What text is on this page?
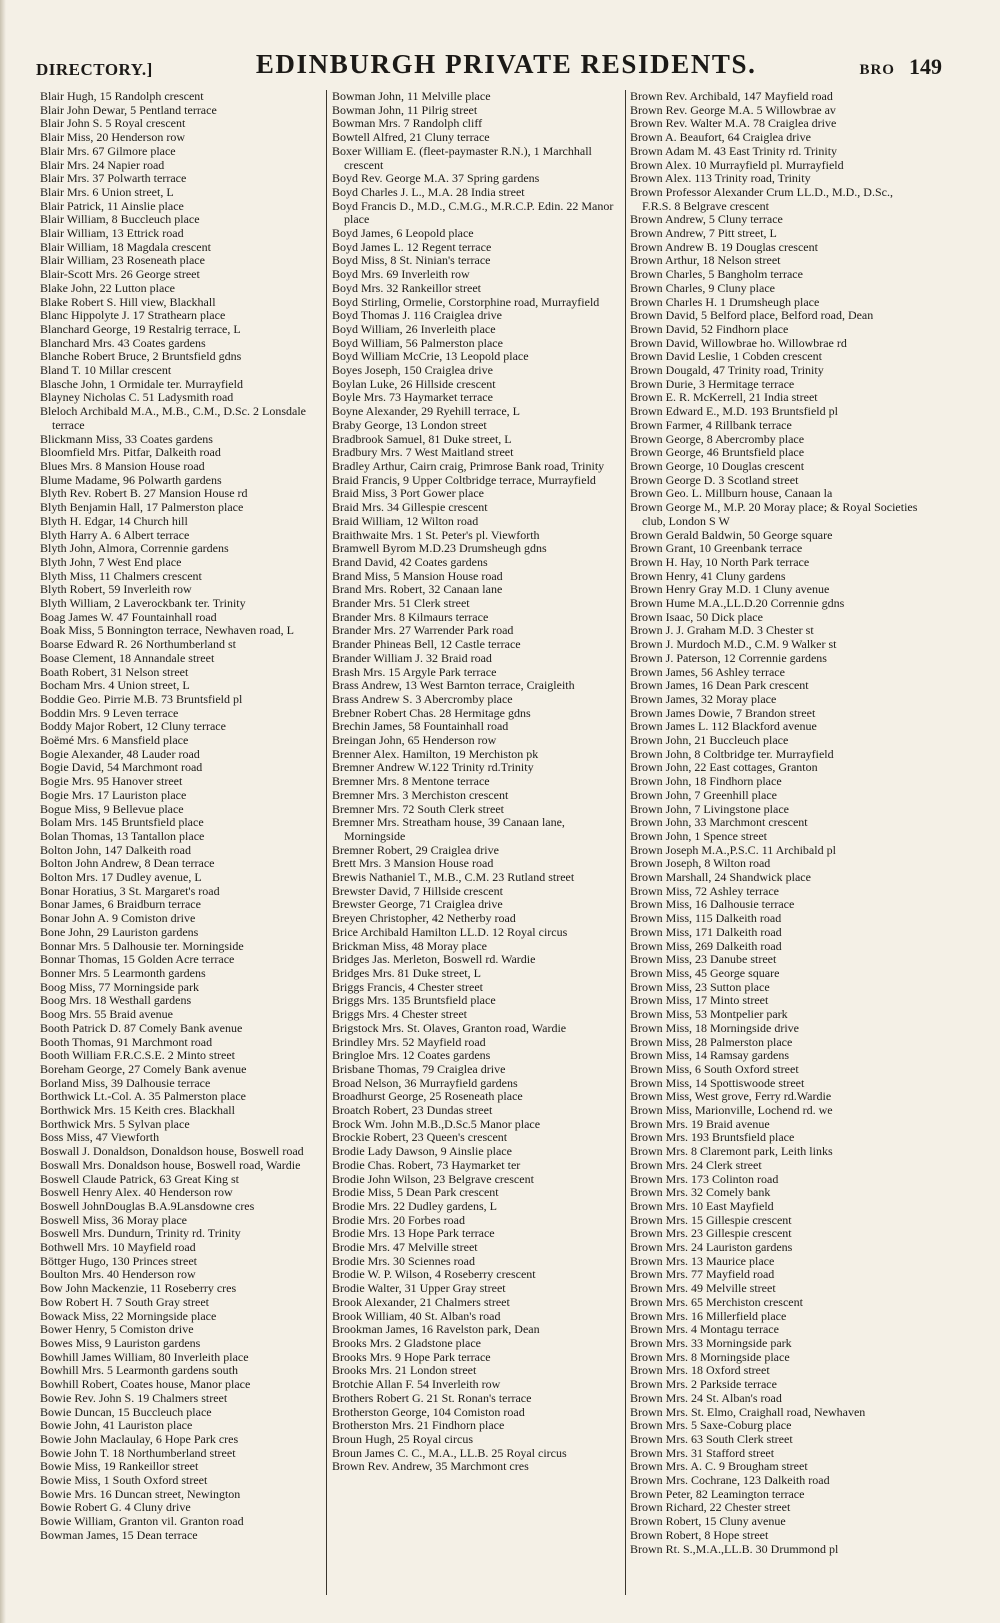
DIRECTORY.]	EDINBURGH PRIVATE RESIDENTS.	BRO 149
Blair Hugh, 15 Randolph crescent
Blair John Dewar, 5 Pentland terrace
Blair John S. 5 Royal crescent
Blair Miss, 20 Henderson row
Blair Mrs. 67 Gilmore place
Blair Mrs. 24 Napier road
Blair Mrs. 37 Polwarth terrace
Blair Mrs. 6 Union street, L
Blair Patrick, 11 Ainslie place
Blair William, 8 Buccleuch place
Blair William, 13 Ettrick road
Blair William, 18 Magdala crescent
Blair William, 23 Roseneath place
Blair-Scott Mrs. 26 George street
Blake John, 22 Lutton place
Blake Robert S. Hill view, Blackhall
Blanc Hippolyte J. 17 Strathearn place
Blanchard George, 19 Restalrig terrace, L
Blanchard Mrs. 43 Coates gardens
Blanche Robert Bruce, 2 Bruntsfield gdns
Bland T. 10 Millar crescent
Blasche John, 1 Ormidale ter. Murrayfield
Blayney Nicholas C. 51 Ladysmith road
Bleloch Archibald M.A., M.B., C.M., D.Sc. 2 Lonsdale terrace
Blickmann Miss, 33 Coates gardens
Bloomfield Mrs. Pitfar, Dalkeith road
Blues Mrs. 8 Mansion House road
Blume Madame, 96 Polwarth gardens
Blyth Rev. Robert B. 27 Mansion House rd
Blyth Benjamin Hall, 17 Palmerston place
Blyth H. Edgar, 14 Church hill
Blyth Harry A. 6 Albert terrace
Blyth John, Almora, Corrennie gardens
Blyth John, 7 West End place
Blyth Miss, 11 Chalmers crescent
Blyth Robert, 59 Inverleith row
Blyth William, 2 Laverockbank ter. Trinity
Boag James W. 47 Fountainhall road
Boak Miss, 5 Bonnington terrace, Newhaven road, L
Boarse Edward R. 26 Northumberland st
Boase Clement, 18 Annandale street
Boath Robert, 31 Nelson street
Bocham Mrs. 4 Union street, L
Boddie Geo. Pirrie M.B. 73 Bruntsfield pl
Boddin Mrs. 9 Leven terrace
Boddy Major Robert, 12 Cluny terrace
Boëmé Mrs. 6 Mansfield place
Bogie Alexander, 48 Lauder road
Bogie David, 54 Marchmont road
Bogie Mrs. 95 Hanover street
Bogie Mrs. 17 Lauriston place
Bogue Miss, 9 Bellevue place
Bolam Mrs. 145 Bruntsfield place
Bolan Thomas, 13 Tantallon place
Bolton John, 147 Dalkeith road
Bolton John Andrew, 8 Dean terrace
Bolton Mrs. 17 Dudley avenue, L
Bonar Horatius, 3 St. Margaret's road
Bonar James, 6 Braidburn terrace
Bonar John A. 9 Comiston drive
Bone John, 29 Lauriston gardens
Bonnar Mrs. 5 Dalhousie ter. Morningside
Bonnar Thomas, 15 Golden Acre terrace
Bonner Mrs. 5 Learmonth gardens
Boog Miss, 77 Morningside park
Boog Mrs. 18 Westhall gardens
Boog Mrs. 55 Braid avenue
Booth Patrick D. 87 Comely Bank avenue
Booth Thomas, 91 Marchmont road
Booth William F.R.C.S.E. 2 Minto street
Boreham George, 27 Comely Bank avenue
Borland Miss, 39 Dalhousie terrace
Borthwick Lt.-Col. A. 35 Palmerston place
Borthwick Mrs. 15 Keith cres. Blackhall
Borthwick Mrs. 5 Sylvan place
Boss Miss, 47 Viewforth
Boswall J. Donaldson, Donaldson house, Boswell road
Boswall Mrs. Donaldson house, Boswell road, Wardie
Boswell Claude Patrick, 63 Great King st
Boswell Henry Alex. 40 Henderson row
Boswell JohnDouglas B.A.9Lansdowne cres
Boswell Miss, 36 Moray place
Boswell Mrs. Dundurn, Trinity rd. Trinity
Bothwell Mrs. 10 Mayfield road
Böttger Hugo, 130 Princes street
Boulton Mrs. 40 Henderson row
Bow John Mackenzie, 11 Roseberry cres
Bow Robert H. 7 South Gray street
Bowack Miss, 22 Morningside place
Bower Henry, 5 Comiston drive
Bowes Miss, 9 Lauriston gardens
Bowhill James William, 80 Inverleith place
Bowhill Mrs. 5 Learmonth gardens south
Bowhill Robert, Coates house, Manor place
Bowie Rev. John S. 19 Chalmers street
Bowie Duncan, 15 Buccleuch place
Bowie John, 41 Lauriston place
Bowie John Maclaulay, 6 Hope Park cres
Bowie John T. 18 Northumberland street
Bowie Miss, 19 Rankeillor street
Bowie Miss, 1 South Oxford street
Bowie Mrs. 16 Duncan street, Newington
Bowie Robert G. 4 Cluny drive
Bowie William, Granton vil. Granton road
Bowman James, 15 Dean terrace
Bowman John, 11 Melville place
Bowman John, 11 Pilrig street
Bowman Mrs. 7 Randolph cliff
Bowtell Alfred, 21 Cluny terrace
Boxer William E. (fleet-paymaster R.N.), 1 Marchhall crescent
Boyd Rev. George M.A. 37 Spring gardens
Boyd Charles J. L., M.A. 28 India street
Boyd Francis D., M.D., C.M.G., M.R.C.P. Edin. 22 Manor place
Boyd James, 6 Leopold place
Boyd James L. 12 Regent terrace
Boyd Miss, 8 St. Ninian's terrace
Boyd Mrs. 69 Inverleith row
Boyd Mrs. 32 Rankeillor street
Boyd Stirling, Ormelie, Corstorphine road, Murrayfield
Boyd Thomas J. 116 Craiglea drive
Boyd William, 26 Inverleith place
Boyd William, 56 Palmerston place
Boyd William McCrie, 13 Leopold place
Boyes Joseph, 150 Craiglea drive
Boylan Luke, 26 Hillside crescent
Boyle Mrs. 73 Haymarket terrace
Boyne Alexander, 29 Ryehill terrace, L
Braby George, 13 London street
Bradbrook Samuel, 81 Duke street, L
Bradbury Mrs. 7 West Maitland street
Bradley Arthur, Cairn craig, Primrose Bank road, Trinity
Braid Francis, 9 Upper Coltbridge terrace, Murrayfield
Braid Miss, 3 Port Gower place
Braid Mrs. 34 Gillespie crescent
Braid William, 12 Wilton road
Braithwaite Mrs. 1 St. Peter's pl. Viewforth
Bramwell Byrom M.D.23 Drumsheugh gdns
Brand David, 42 Coates gardens
Brand Miss, 5 Mansion House road
Brand Mrs. Robert, 32 Canaan lane
Brander Mrs. 51 Clerk street
Brander Mrs. 8 Kilmaurs terrace
Brander Mrs. 27 Warrender Park road
Brander Phineas Bell, 12 Castle terrace
Brander William J. 32 Braid road
Brash Mrs. 15 Argyle Park terrace
Brass Andrew, 13 West Barnton terrace, Craigleith
Brass Andrew S. 3 Abercromby place
Brebner Robert Chas. 28 Hermitage gdns
Brechin James, 58 Fountainhall road
Breingan John, 65 Henderson row
Brenner Alex. Hamilton, 19 Merchiston pk
Bremner Andrew W.122 Trinity rd.Trinity
Bremner Mrs. 8 Mentone terrace
Bremner Mrs. 3 Merchiston crescent
Bremner Mrs. 72 South Clerk street
Bremner Mrs. Streatham house, 39 Canaan lane, Morningside
Bremner Robert, 29 Craiglea drive
Brett Mrs. 3 Mansion House road
Brewis Nathaniel T., M.B., C.M. 23 Rutland street
Brewster David, 7 Hillside crescent
Brewster George, 71 Craiglea drive
Breyen Christopher, 42 Netherby road
Brice Archibald Hamilton LL.D. 12 Royal circus
Brickman Miss, 48 Moray place
Bridges Jas. Merleton, Boswell rd. Wardie
Bridges Mrs. 81 Duke street, L
Briggs Francis, 4 Chester street
Briggs Mrs. 135 Bruntsfield place
Briggs Mrs. 4 Chester street
Brigstock Mrs. St. Olaves, Granton road, Wardie
Brindley Mrs. 52 Mayfield road
Bringloe Mrs. 12 Coates gardens
Brisbane Thomas, 79 Craiglea drive
Broad Nelson, 36 Murrayfield gardens
Broadhurst George, 25 Roseneath place
Broatch Robert, 23 Dundas street
Brock Wm. John M.B.,D.Sc.5 Manor place
Brockie Robert, 23 Queen's crescent
Brodie Lady Dawson, 9 Ainslie place
Brodie Chas. Robert, 73 Haymarket ter
Brodie John Wilson, 23 Belgrave crescent
Brodie Miss, 5 Dean Park crescent
Brodie Mrs. 22 Dudley gardens, L
Brodie Mrs. 20 Forbes road
Brodie Mrs. 13 Hope Park terrace
Brodie Mrs. 47 Melville street
Brodie Mrs. 30 Sciennes road
Brodie W. P. Wilson, 4 Roseberry crescent
Brodie Walter, 31 Upper Gray street
Brook Alexander, 21 Chalmers street
Brook William, 40 St. Alban's road
Brookman James, 16 Ravelston park, Dean
Brooks Mrs. 2 Gladstone place
Brooks Mrs. 9 Hope Park terrace
Brooks Mrs. 21 London street
Brotchie Allan F. 54 Inverleith row
Brothers Robert G. 21 St. Ronan's terrace
Brotherston George, 104 Comiston road
Brotherston Mrs. 21 Findhorn place
Broun Hugh, 25 Royal circus
Broun James C. C., M.A., LL.B. 25 Royal circus
Brown Rev. Andrew, 35 Marchmont cres
Brown Rev. Archibald, 147 Mayfield road
Brown Rev. George M.A. 5 Willowbrae av
Brown Rev. Walter M.A. 78 Craiglea drive
Brown A. Beaufort, 64 Craiglea drive
Brown Adam M. 43 East Trinity rd. Trinity
Brown Alex. 10 Murrayfield pl. Murrayfield
Brown Alex. 113 Trinity road, Trinity
Brown Professor Alexander Crum LL.D., M.D., D.Sc., F.R.S. 8 Belgrave crescent
Brown Andrew, 5 Cluny terrace
Brown Andrew, 7 Pitt street, L
Brown Andrew B. 19 Douglas crescent
Brown Arthur, 18 Nelson street
Brown Charles, 5 Bangholm terrace
Brown Charles, 9 Cluny place
Brown Charles H. 1 Drumsheugh place
Brown David, 5 Belford place, Belford road, Dean
Brown David, 52 Findhorn place
Brown David, Willowbrae ho. Willowbrae rd
Brown David Leslie, 1 Cobden crescent
Brown Dougald, 47 Trinity road, Trinity
Brown Durie, 3 Hermitage terrace
Brown E. R. McKerrell, 21 India street
Brown Edward E., M.D. 193 Bruntsfield pl
Brown Farmer, 4 Rillbank terrace
Brown George, 8 Abercromby place
Brown George, 46 Bruntsfield place
Brown George, 10 Douglas crescent
Brown George D. 3 Scotland street
Brown Geo. L. Millburn house, Canaan la
Brown George M., M.P. 20 Moray place; & Royal Societies club, London S W
Brown Gerald Baldwin, 50 George square
Brown Grant, 10 Greenbank terrace
Brown H. Hay, 10 North Park terrace
Brown Henry, 41 Cluny gardens
Brown Henry Gray M.D. 1 Cluny avenue
Brown Hume M.A.,LL.D.20 Corrennie gdns
Brown Isaac, 50 Dick place
Brown J. J. Graham M.D. 3 Chester st
Brown J. Murdoch M.D., C.M. 9 Walker st
Brown J. Paterson, 12 Corrennie gardens
Brown James, 56 Ashley terrace
Brown James, 16 Dean Park crescent
Brown James, 32 Moray place
Brown James Dowie, 7 Brandon street
Brown James L. 112 Blackford avenue
Brown John, 21 Buccleuch place
Brown John, 8 Coltbridge ter. Murrayfield
Brown John, 22 East cottages, Granton
Brown John, 18 Findhorn place
Brown John, 7 Greenhill place
Brown John, 7 Livingstone place
Brown John, 33 Marchmont crescent
Brown John, 1 Spence street
Brown Joseph M.A.,P.S.C. 11 Archibald pl
Brown Joseph, 8 Wilton road
Brown Marshall, 24 Shandwick place
Brown Miss, 72 Ashley terrace
Brown Miss, 16 Dalhousie terrace
Brown Miss, 115 Dalkeith road
Brown Miss, 171 Dalkeith road
Brown Miss, 269 Dalkeith road
Brown Miss, 23 Danube street
Brown Miss, 45 George square
Brown Miss, 23 Sutton place
Brown Miss, 17 Minto street
Brown Miss, 53 Montpelier park
Brown Miss, 18 Morningside drive
Brown Miss, 28 Palmerston place
Brown Miss, 14 Ramsay gardens
Brown Miss, 6 South Oxford street
Brown Miss, 14 Spottiswoode street
Brown Miss, West grove, Ferry rd.Wardie
Brown Miss, Marionville, Lochend rd. we
Brown Mrs. 19 Braid avenue
Brown Mrs. 193 Bruntsfield place
Brown Mrs. 8 Claremont park, Leith links
Brown Mrs. 24 Clerk street
Brown Mrs. 173 Colinton road
Brown Mrs. 32 Comely bank
Brown Mrs. 10 East Mayfield
Brown Mrs. 15 Gillespie crescent
Brown Mrs. 23 Gillespie crescent
Brown Mrs. 24 Lauriston gardens
Brown Mrs. 13 Maurice place
Brown Mrs. 77 Mayfield road
Brown Mrs. 49 Melville street
Brown Mrs. 65 Merchiston crescent
Brown Mrs. 16 Millerfield place
Brown Mrs. 4 Montagu terrace
Brown Mrs. 33 Morningside park
Brown Mrs. 8 Morningside place
Brown Mrs. 18 Oxford street
Brown Mrs. 2 Parkside terrace
Brown Mrs. 24 St. Alban's road
Brown Mrs. St. Elmo, Craighall road, Newhaven
Brown Mrs. 5 Saxe-Coburg place
Brown Mrs. 63 South Clerk street
Brown Mrs. 31 Stafford street
Brown Mrs. A. C. 9 Brougham street
Brown Mrs. Cochrane, 123 Dalkeith road
Brown Peter, 82 Leamington terrace
Brown Richard, 22 Chester street
Brown Robert, 15 Cluny avenue
Brown Robert, 8 Hope street
Brown Rt. S.,M.A.,LL.B. 30 Drummond pl
